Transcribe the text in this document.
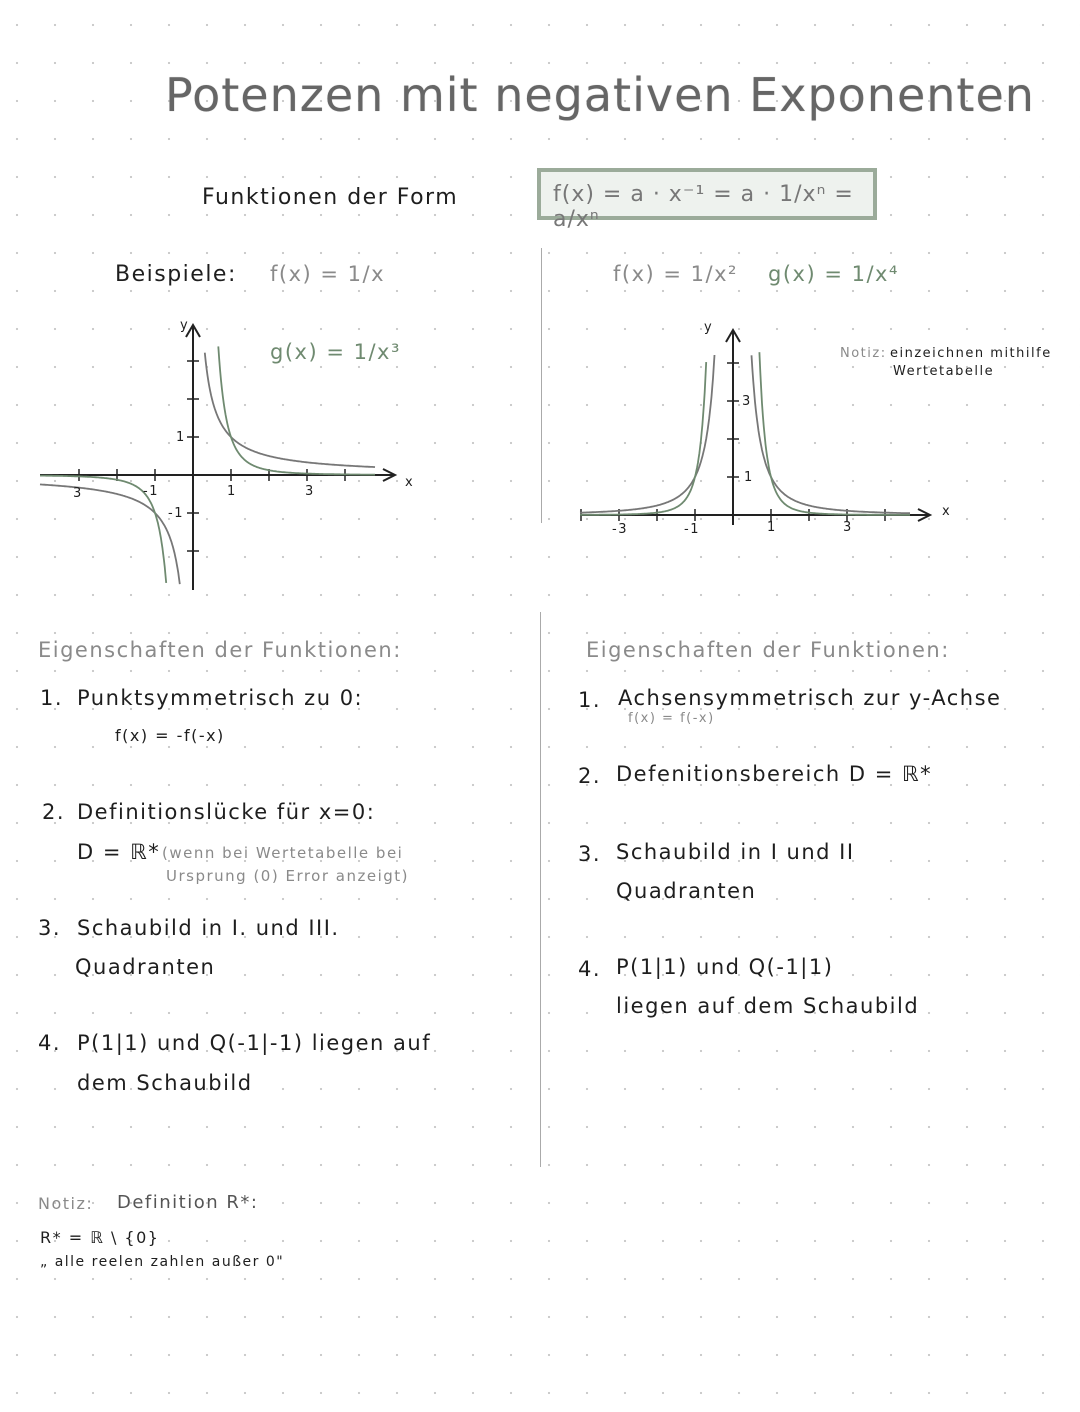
Potenzen mit negativen Exponenten
Funktionen der Form	f(x) = a · x⁻¹ = a · 1/xⁿ = a/xⁿ
Beispiele: f(x) = 1/x
g(x) = 1/x³
f(x) = 1/x² g(x) = 1/x⁴
Notiz: einzeichnen mithilfe
Wertetabelle
3	-1	1	3
1
-1
x
y
-3	-1	1	3
1
3
x
y
Eigenschaften der Funktionen:
1. Punktsymmetrisch zu 0:
f(x) = -f(-x)
2. Definitionslücke für x=0:
D = ℝ* (wenn bei Wertetabelle bei
Ursprung (0) Error anzeigt)
3. Schaubild in I. und III.
Quadranten
4. P(1|1) und Q(-1|-1) liegen auf
dem Schaubild
Eigenschaften der Funktionen:
1. Achsensymmetrisch zur y-Achse
f(x) = f(-x)
2. Defenitionsbereich D = ℝ*
3. Schaubild in I und II
Quadranten
4. P(1|1) und Q(-1|1)
liegen auf dem Schaubild
Notiz: Definition R*:
R* = ℝ \ {0}
„ alle reelen zahlen außer 0"
